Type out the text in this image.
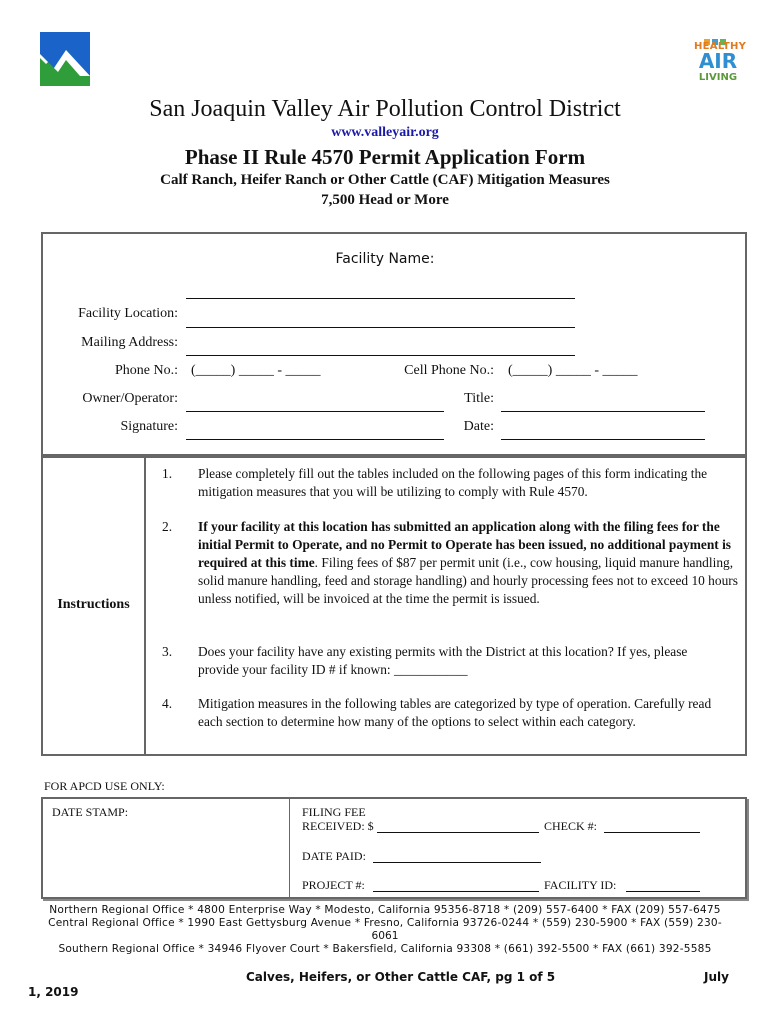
HEALTHY
AIR
LIVING
San Joaquin Valley Air Pollution Control District
www.valleyair.org
Phase II Rule 4570 Permit Application Form
Calf Ranch, Heifer Ranch or Other Cattle (CAF) Mitigation Measures
7,500 Head or More
Facility Name:
Facility Location:
Mailing Address:
Phone No.: (_____) _____ - _____	Cell Phone No.: (_____) _____ - _____
Owner/Operator:	Title:
Signature:	Date:
Instructions
1. Please completely fill out the tables included on the following pages of this form indicating the mitigation measures that you will be utilizing to comply with Rule 4570.
2. If your facility at this location has submitted an application along with the filing fees for the initial Permit to Operate, and no Permit to Operate has been issued, no additional payment is required at this time. Filing fees of $87 per permit unit (i.e., cow housing, liquid manure handling, solid manure handling, feed and storage handling) and hourly processing fees not to exceed 10 hours unless notified, will be invoiced at the time the permit is issued.
3. Does your facility have any existing permits with the District at this location? If yes, please provide your facility ID # if known: ___________
4. Mitigation measures in the following tables are categorized by type of operation. Carefully read each section to determine how many of the options to select within each category.
FOR APCD USE ONLY:
DATE STAMP:	FILING FEE
RECEIVED: $	CHECK #:
DATE PAID:
PROJECT #:	FACILITY ID:
Northern Regional Office * 4800 Enterprise Way * Modesto, California 95356-8718 * (209) 557-6400 * FAX (209) 557-6475
Central Regional Office * 1990 East Gettysburg Avenue * Fresno, California 93726-0244 * (559) 230-5900 * FAX (559) 230-
6061
Southern Regional Office * 34946 Flyover Court * Bakersfield, California 93308 * (661) 392-5500 * FAX (661) 392-5585
Calves, Heifers, or Other Cattle CAF, pg 1 of 5	July
1, 2019
